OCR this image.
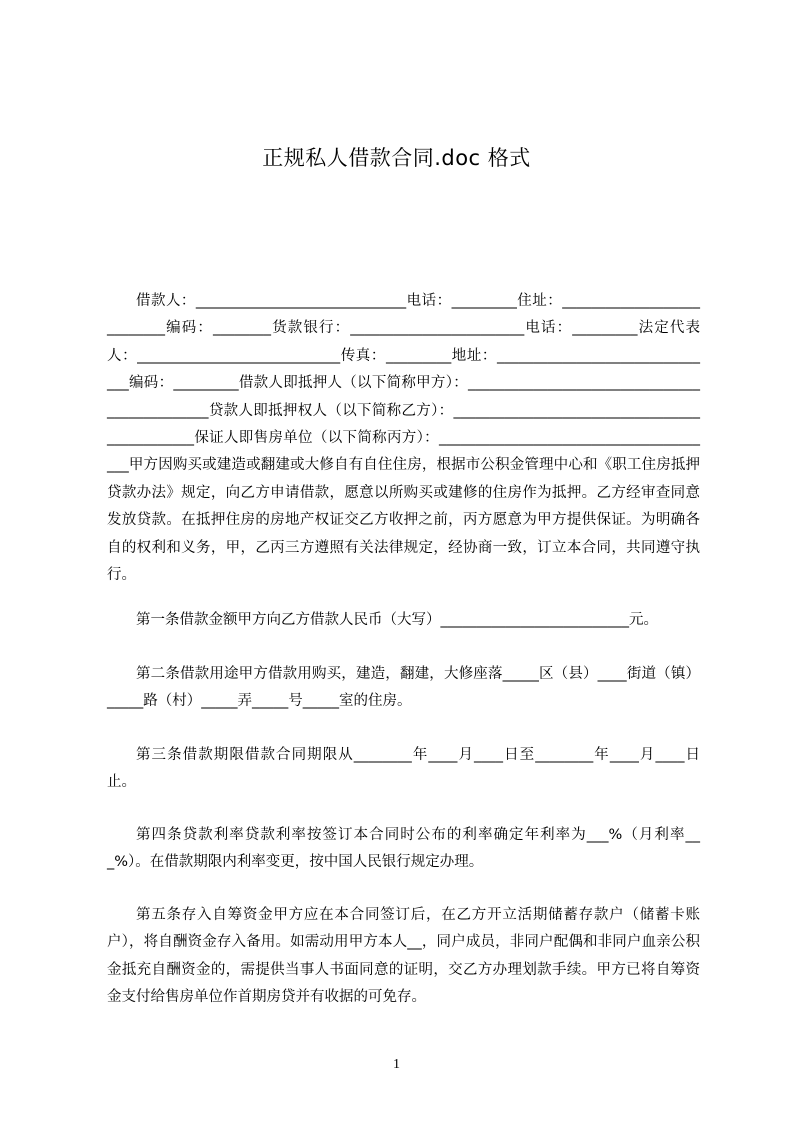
正规私人借款合同.doc 格式

借款人：_____________________________电话：_________住址：___________________________编码：________货款银行：________________________电话：_________法定代表人：____________________________传真：_________地址：_______________________________编码：_________借款人即抵押人（以下简称甲方）：______________________________________________贷款人即抵押权人（以下简称乙方）：______________________________________________保证人即售房单位（以下简称丙方）：_______________________________________甲方因购买或建造或翻建或大修自有自住住房，根据市公积金管理中心和《职工住房抵押贷款办法》规定，向乙方申请借款，愿意以所购买或建修的住房作为抵押。乙方经审查同意发放贷款。在抵押住房的房地产权证交乙方收押之前，丙方愿意为甲方提供保证。为明确各自的权利和义务，甲，乙丙三方遵照有关法律规定，经协商一致，订立本合同，共同遵守执行。

第一条借款金额甲方向乙方借款人民币（大写）__________________________元。

第二条借款用途甲方借款用购买，建造，翻建，大修座落_____区（县）____街道（镇）_____路（村）_____弄_____号_____室的住房。

第三条借款期限借款合同期限从________年____月____日至________年____月____日止。

第四条贷款利率贷款利率按签订本合同时公布的利率确定年利率为___%（月利率___%）。在借款期限内利率变更，按中国人民银行规定办理。

第五条存入自筹资金甲方应在本合同签订后，在乙方开立活期储蓄存款户（储蓄卡账户），将自酬资金存入备用。如需动用甲方本人__，同户成员，非同户配偶和非同户血亲公积金抵充自酬资金的，需提供当事人书面同意的证明，交乙方办理划款手续。甲方已将自筹资金支付给售房单位作首期房贷并有收据的可免存。

1
